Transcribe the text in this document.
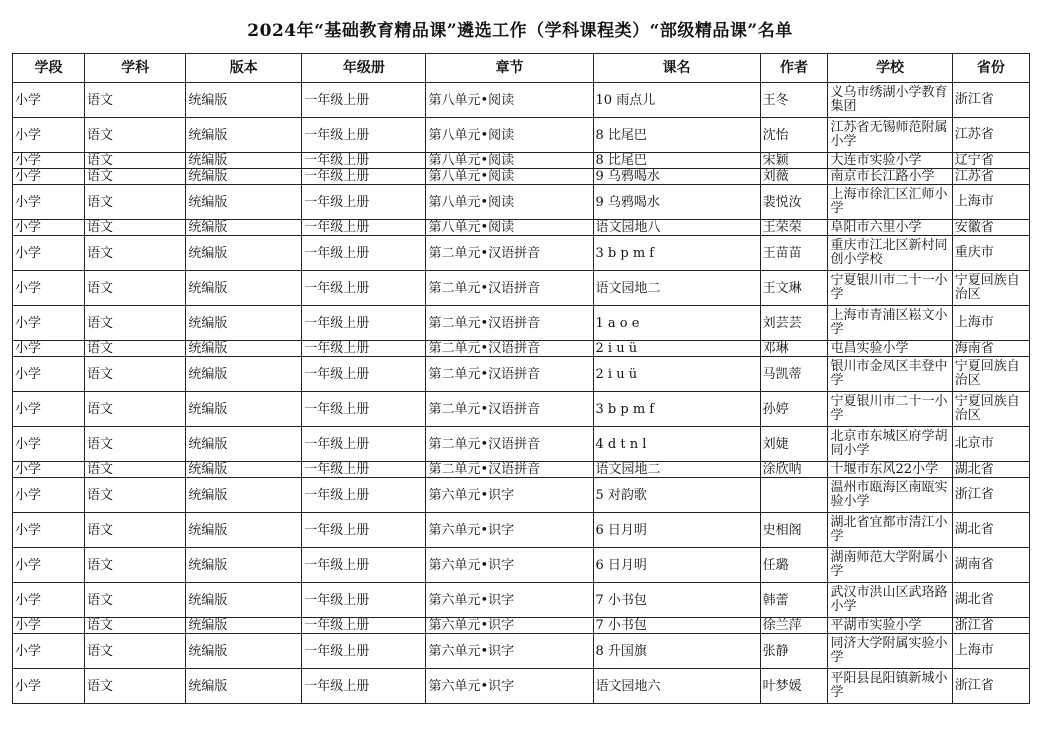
2024年“基础教育精品课”遴选工作（学科课程类）“部级精品课”名单
学段	学科	版本	年级册	章节	课名	作者	学校	省份
小学	语文	统编版	一年级上册	第八单元•阅读	10 雨点儿	王冬	义乌市绣湖小学教育集团	浙江省
小学	语文	统编版	一年级上册	第八单元•阅读	8 比尾巴	沈怡	江苏省无锡师范附属小学	江苏省
小学	语文	统编版	一年级上册	第八单元•阅读	8 比尾巴	宋颖	大连市实验小学	辽宁省
小学	语文	统编版	一年级上册	第八单元•阅读	9 乌鸦喝水	刘薇	南京市长江路小学	江苏省
小学	语文	统编版	一年级上册	第八单元•阅读	9 乌鸦喝水	裴悦汝	上海市徐汇区汇师小学	上海市
小学	语文	统编版	一年级上册	第八单元•阅读	语文园地八	王荣荣	阜阳市六里小学	安徽省
小学	语文	统编版	一年级上册	第二单元•汉语拼音	3 b p m f	王苗苗	重庆市江北区新村同创小学校	重庆市
小学	语文	统编版	一年级上册	第二单元•汉语拼音	语文园地二	王文琳	宁夏银川市二十一小学	宁夏回族自治区
小学	语文	统编版	一年级上册	第二单元•汉语拼音	1 a o e	刘芸芸	上海市青浦区崧文小学	上海市
小学	语文	统编版	一年级上册	第二单元•汉语拼音	2 i u ü	邓琳	屯昌实验小学	海南省
小学	语文	统编版	一年级上册	第二单元•汉语拼音	2 i u ü	马凯蒂	银川市金凤区丰登中学	宁夏回族自治区
小学	语文	统编版	一年级上册	第二单元•汉语拼音	3 b p m f	孙婷	宁夏银川市二十一小学	宁夏回族自治区
小学	语文	统编版	一年级上册	第二单元•汉语拼音	4 d t n l	刘婕	北京市东城区府学胡同小学	北京市
小学	语文	统编版	一年级上册	第二单元•汉语拼音	语文园地二	涂欣呐	十堰市东风22小学	湖北省
小学	语文	统编版	一年级上册	第六单元•识字	5 对韵歌		温州市瓯海区南瓯实验小学	浙江省
小学	语文	统编版	一年级上册	第六单元•识字	6 日月明	史相阁	湖北省宜都市清江小学	湖北省
小学	语文	统编版	一年级上册	第六单元•识字	6 日月明	任璐	湖南师范大学附属小学	湖南省
小学	语文	统编版	一年级上册	第六单元•识字	7 小书包	韩蕾	武汉市洪山区武珞路小学	湖北省
小学	语文	统编版	一年级上册	第六单元•识字	7 小书包	徐兰萍	平湖市实验小学	浙江省
小学	语文	统编版	一年级上册	第六单元•识字	8 升国旗	张静	同济大学附属实验小学	上海市
小学	语文	统编版	一年级上册	第六单元•识字	语文园地六	叶梦媛	平阳县昆阳镇新城小学	浙江省
